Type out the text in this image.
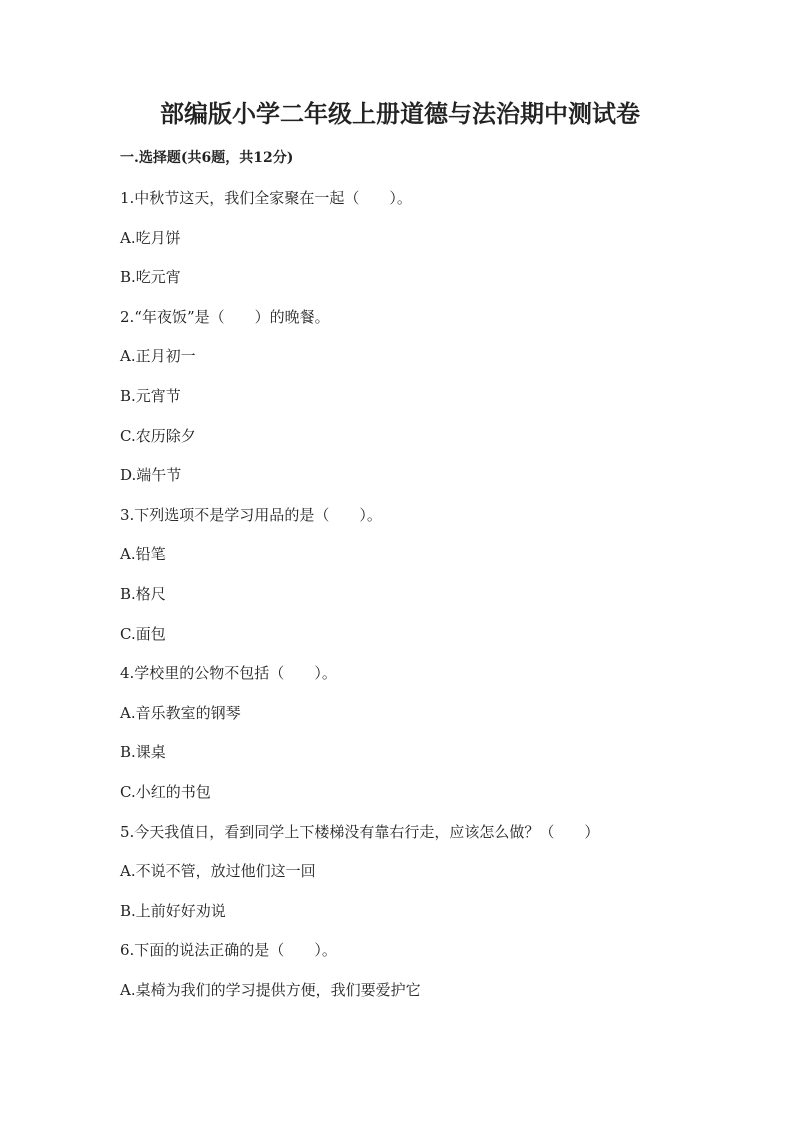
部编版小学二年级上册道德与法治期中测试卷
一.选择题(共6题，共12分)
1.中秋节这天，我们全家聚在一起（　　）。
A.吃月饼
B.吃元宵
2.“年夜饭”是（　　）的晚餐。
A.正月初一
B.元宵节
C.农历除夕
D.端午节
3.下列选项不是学习用品的是（　　）。
A.铅笔
B.格尺
C.面包
4.学校里的公物不包括（　　）。
A.音乐教室的钢琴
B.课桌
C.小红的书包
5.今天我值日，看到同学上下楼梯没有靠右行走，应该怎么做？（　　）
A.不说不管，放过他们这一回
B.上前好好劝说
6.下面的说法正确的是（　　）。
A.桌椅为我们的学习提供方便，我们要爱护它
